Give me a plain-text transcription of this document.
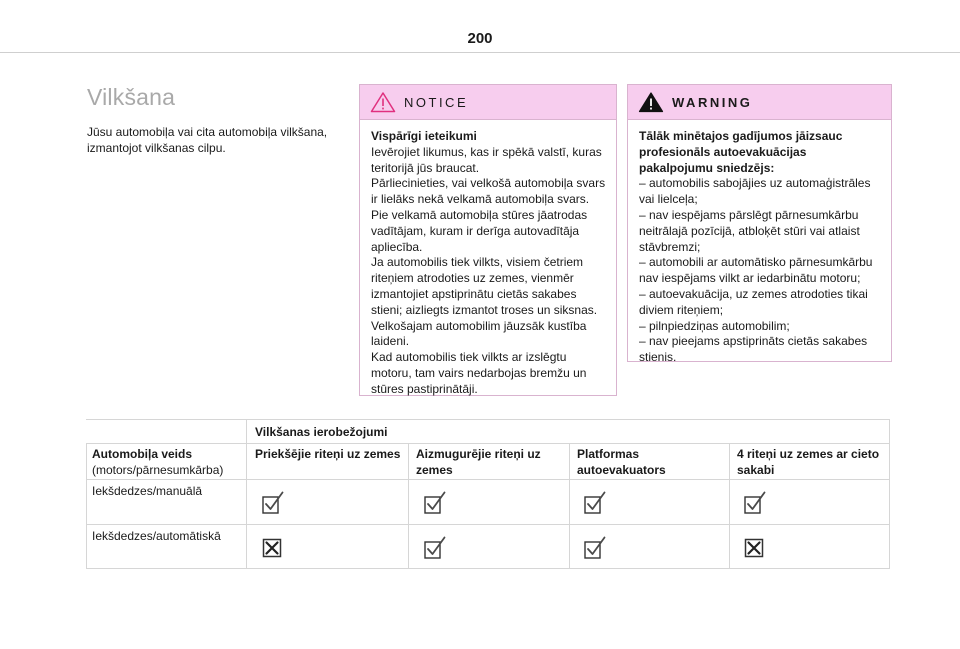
200
Vilkšana

Jūsu automobiļa vai cita automobiļa vilkšana, izmantojot vilkšanas cilpu.

NOTICE
Vispārīgi ieteikumi
Ievērojiet likumus, kas ir spēkā valstī, kuras teritorijā jūs braucat.
Pārliecinieties, vai velkošā automobiļa svars ir lielāks nekā velkamā automobiļa svars.
Pie velkamā automobiļa stūres jāatrodas vadītājam, kuram ir derīga autovadītāja apliecība.
Ja automobilis tiek vilkts, visiem četriem riteņiem atrodoties uz zemes, vienmēr izmantojiet apstiprinātu cietās sakabes stieni; aizliegts izmantot troses un siksnas.
Velkošajam automobilim jāuzsāk kustība laideni.
Kad automobilis tiek vilkts ar izslēgtu motoru, tam vairs nedarbojas bremžu un stūres pastiprinātāji.
WARNING
Tālāk minētajos gadījumos jāizsauc profesionāls autoevakuācijas pakalpojumu sniedzējs:
– automobilis sabojājies uz automaģistrāles vai lielceļa;
– nav iespējams pārslēgt pārnesumkārbu neitrālajā pozīcijā, atbloķēt stūri vai atlaist stāvbremzi;
– automobili ar automātisko pārnesumkārbu nav iespējams vilkt ar iedarbinātu motoru;
– autoevakuācija, uz zemes atrodoties tikai diviem riteņiem;
– pilnpiedziņas automobilim;
– nav pieejams apstiprināts cietās sakabes stienis.
Vilkšanas ierobežojumi
Automobiļa veids
(motors/pārnesumkārba)
Priekšējie riteņi uz zemes	Aizmugurējie riteņi uz zemes
Platformas autoevakuators
4 riteņi uz zemes ar cieto sakabi
Iekšdedzes/manuālā
Iekšdedzes/automātiskā
